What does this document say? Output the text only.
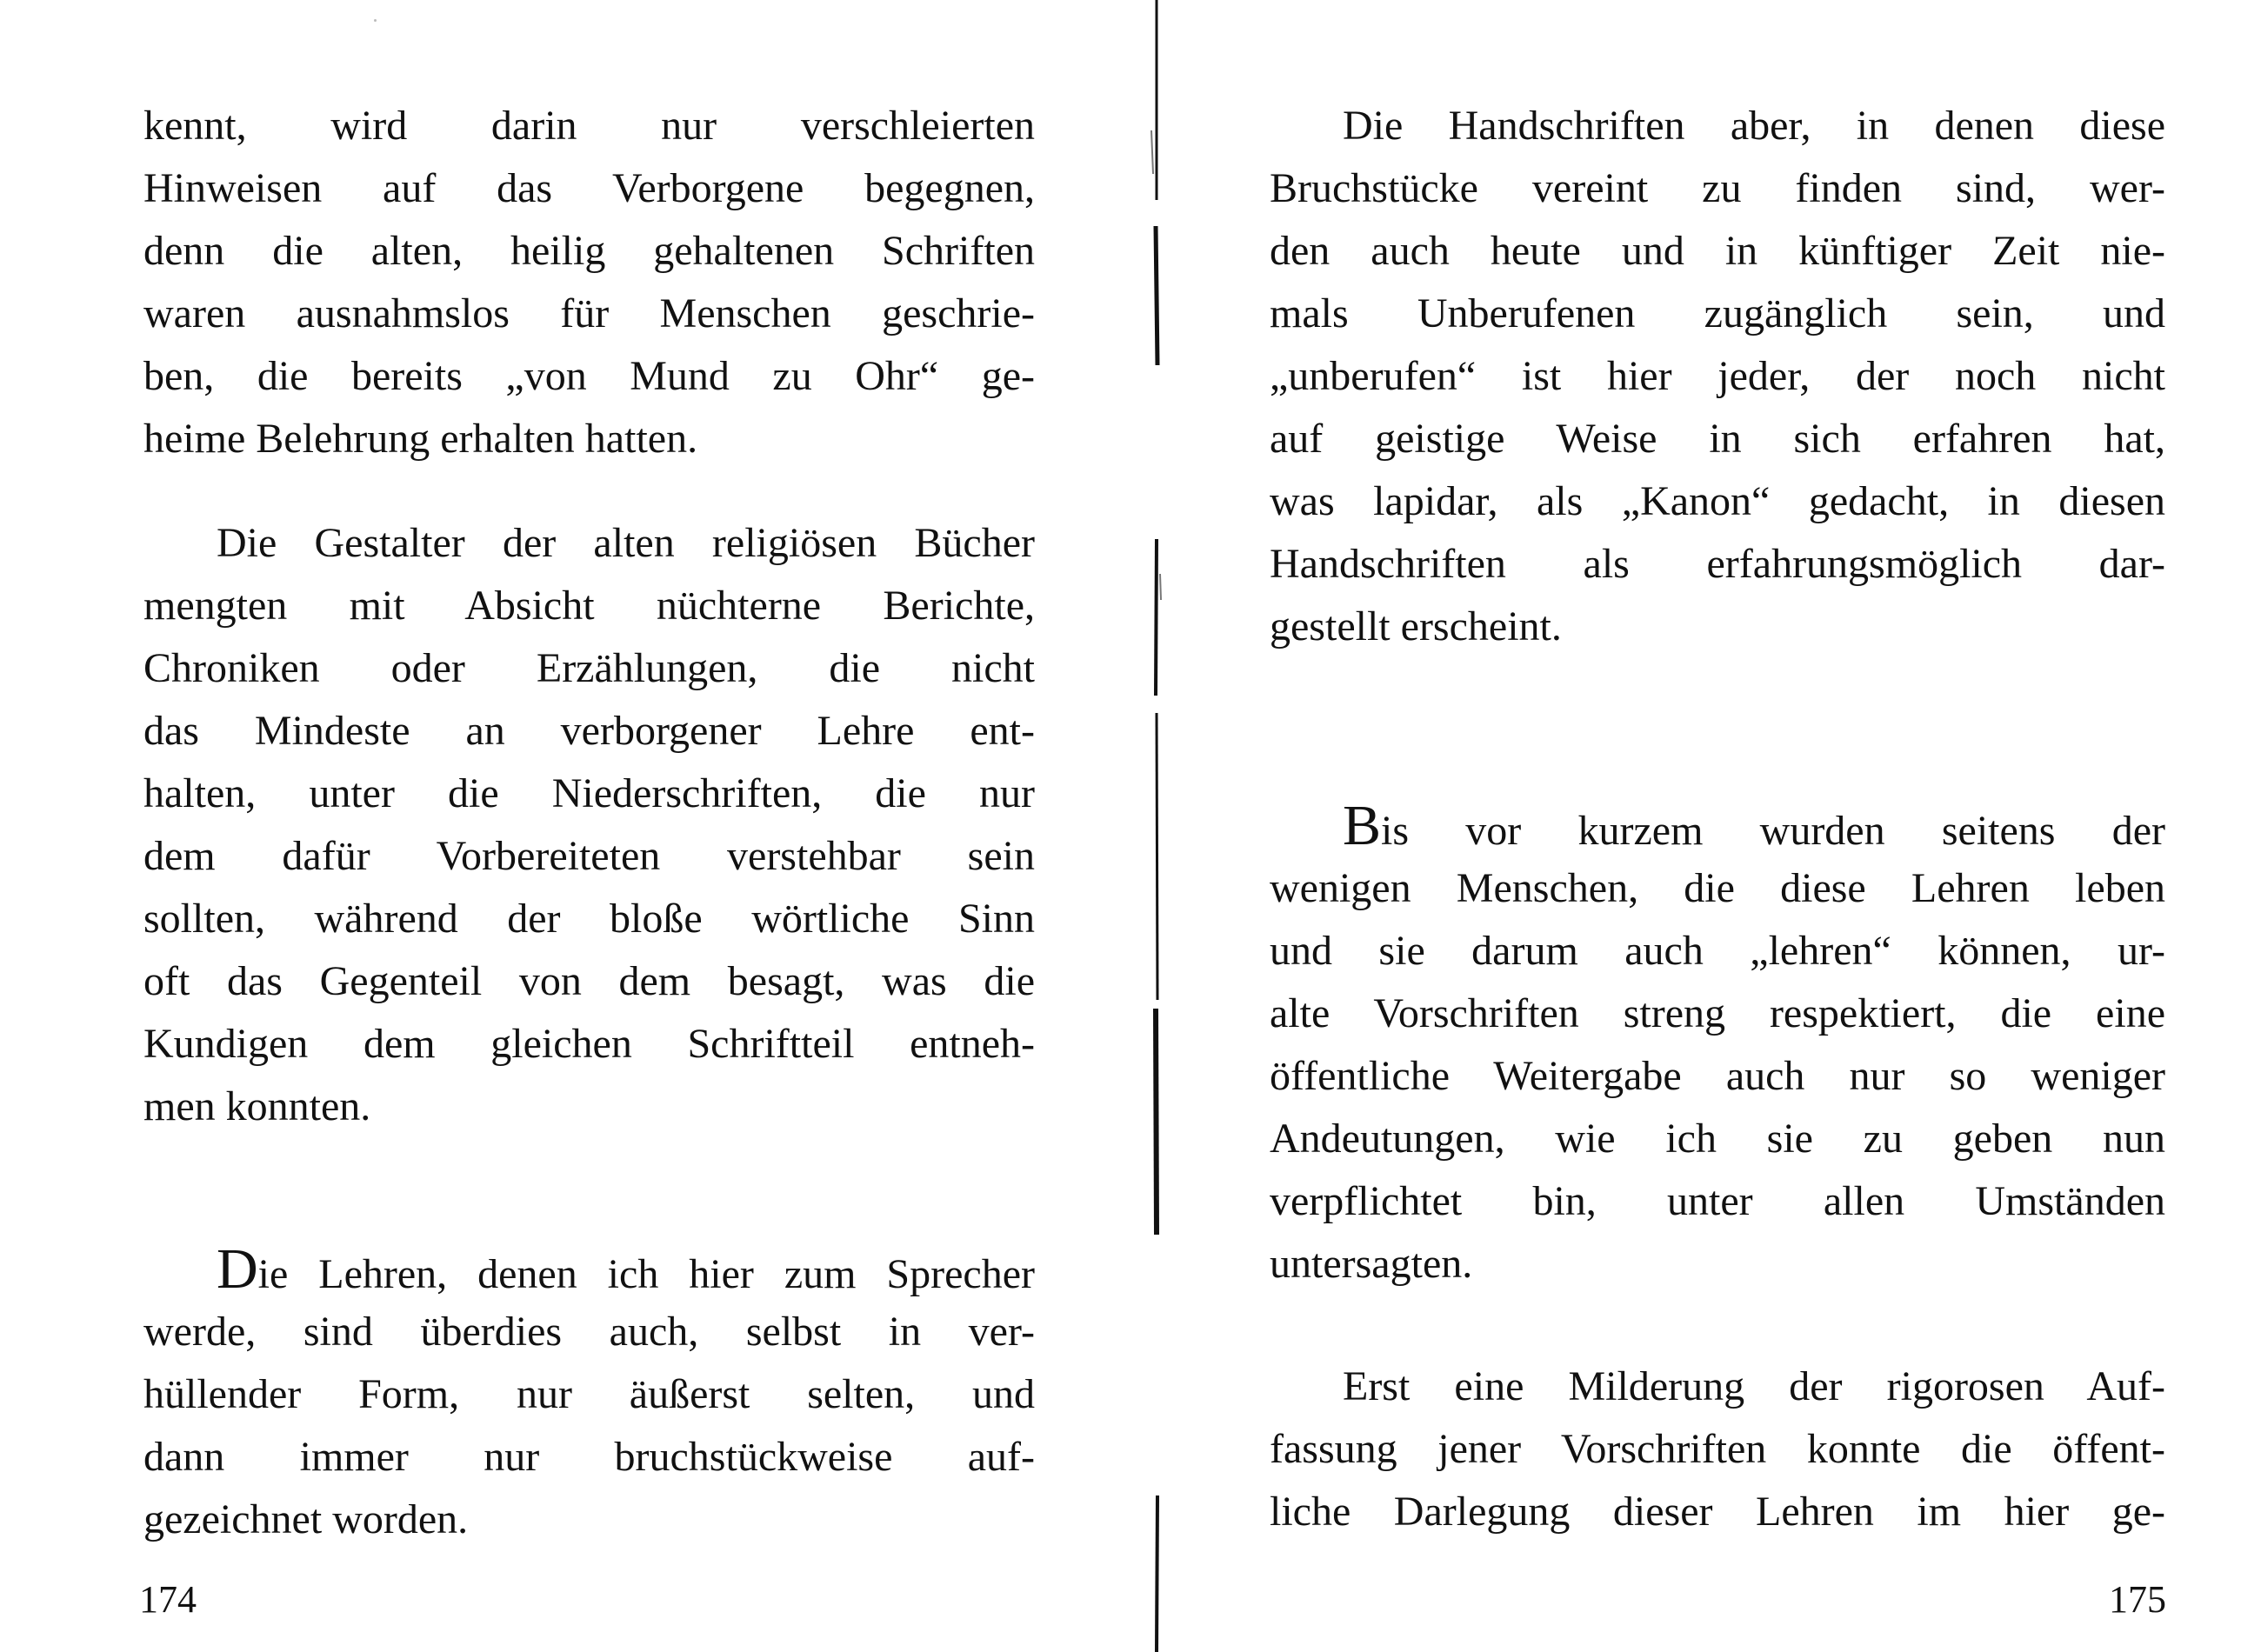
kennt, wird darin nur verschleierten
Hinweisen auf das Verborgene begegnen,
denn die alten, heilig gehaltenen Schriften
waren ausnahmslos für Menschen geschrie-
ben, die bereits „von Mund zu Ohr“ ge-
heime Belehrung erhalten hatten.
Die Gestalter der alten religiösen Bücher
mengten mit Absicht nüchterne Berichte,
Chroniken oder Erzählungen, die nicht
das Mindeste an verborgener Lehre ent-
halten, unter die Niederschriften, die nur
dem dafür Vorbereiteten verstehbar sein
sollten, während der bloße wörtliche Sinn
oft das Gegenteil von dem besagt, was die
Kundigen dem gleichen Schriftteil entneh-
men konnten.
Die Lehren, denen ich hier zum Sprecher
werde, sind überdies auch, selbst in ver-
hüllender Form, nur äußerst selten, und
dann immer nur bruchstückweise auf-
gezeichnet worden.
174
Die Handschriften aber, in denen diese
Bruchstücke vereint zu finden sind, wer-
den auch heute und in künftiger Zeit nie-
mals Unberufenen zugänglich sein, und
„unberufen“ ist hier jeder, der noch nicht
auf geistige Weise in sich erfahren hat,
was lapidar, als „Kanon“ gedacht, in diesen
Handschriften als erfahrungsmöglich dar-
gestellt erscheint.
Bis vor kurzem wurden seitens der
wenigen Menschen, die diese Lehren leben
und sie darum auch „lehren“ können, ur-
alte Vorschriften streng respektiert, die eine
öffentliche Weitergabe auch nur so weniger
Andeutungen, wie ich sie zu geben nun
verpflichtet bin, unter allen Umständen
untersagten.
Erst eine Milderung der rigorosen Auf-
fassung jener Vorschriften konnte die öffent-
liche Darlegung dieser Lehren im hier ge-
175
